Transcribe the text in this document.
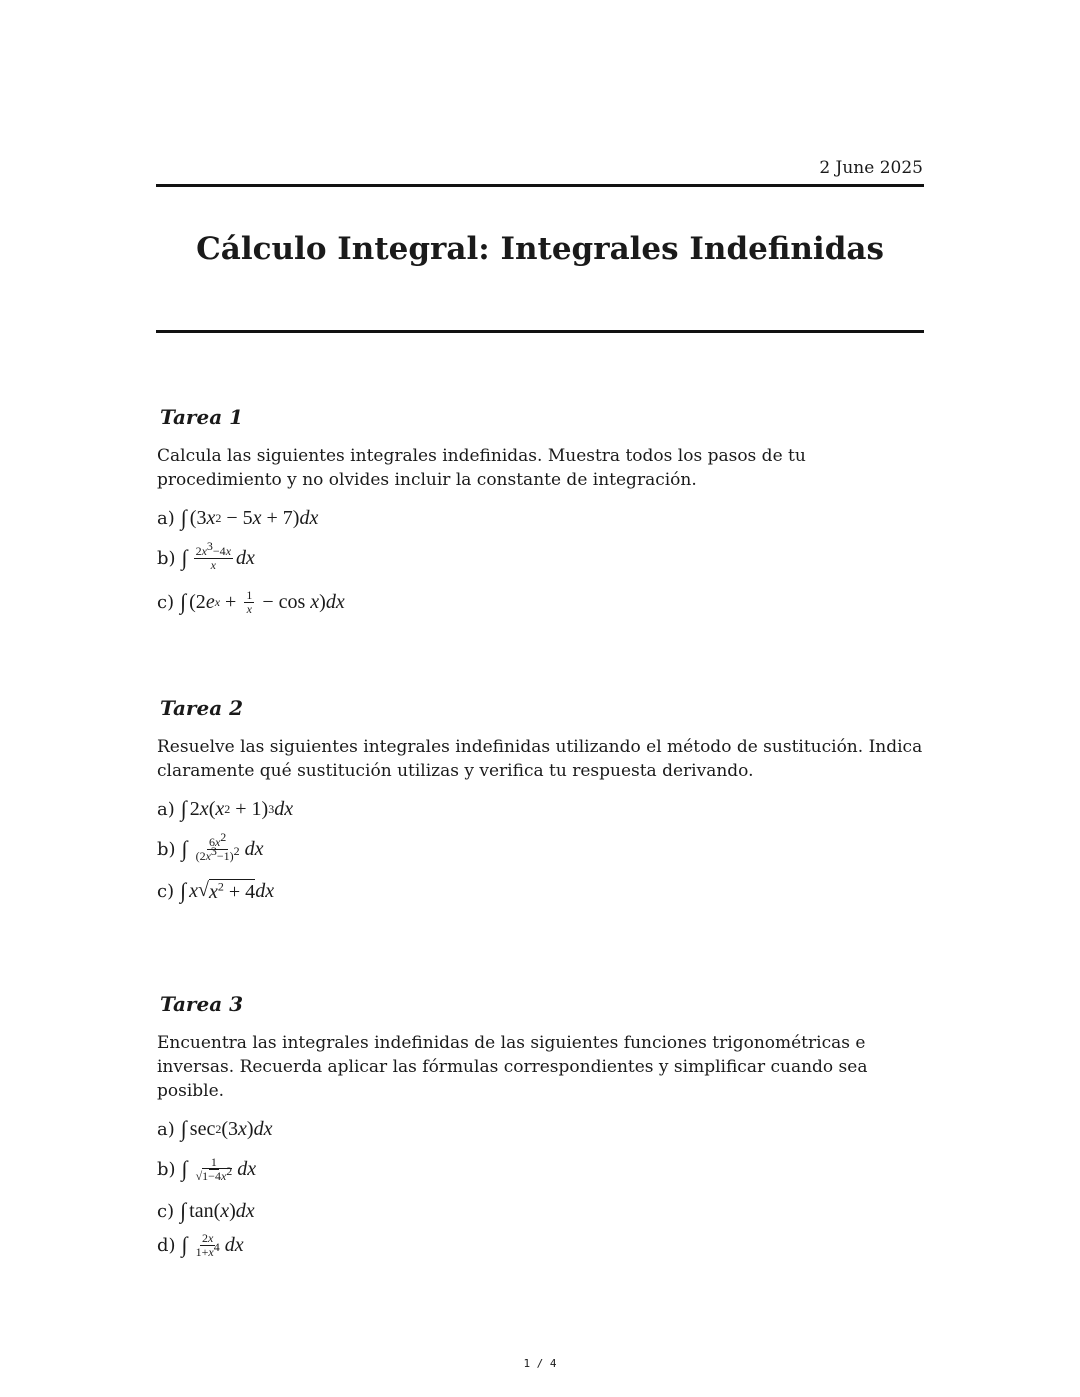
2 June 2025
Cálculo Integral: Integrales Indefinidas
Tarea 1

Calcula las siguientes integrales indefinidas. Muestra todos los pasos de tu procedimiento y no olvides incluir la constante de integración.

a) ∫ (3 x 2 − 5 x + 7) dx
b) ∫ $\frac{2x^3-4x}{x}$ dx
c) ∫ (2 e $x + \frac{1}{x} - \cos x$ ) dx
Tarea 2

Resuelve las siguientes integrales indefinidas utilizando el método de sustitución. Indica claramente qué sustitución utilizas y verifica tu respuesta derivando.

a) ∫ 2 x ( x 2 + 1) 3 dx
b) ∫ $\frac{6x^2}{(2x^3-1)^2}$ dx
c) ∫ x √ $x^2 + 4$ dx
Tarea 3

Encuentra las integrales indefinidas de las siguientes funciones trigonométricas e inversas. Recuerda aplicar las fórmulas correspondientes y simplificar cuando sea posible.

a) ∫ sec 2 (3 x ) dx
b) ∫ $\frac{1}{√1-4x^2}$ dx
c) ∫ tan( x ) dx
d) ∫ $\frac{2x}{1+x^4}$ dx
1 / 4
